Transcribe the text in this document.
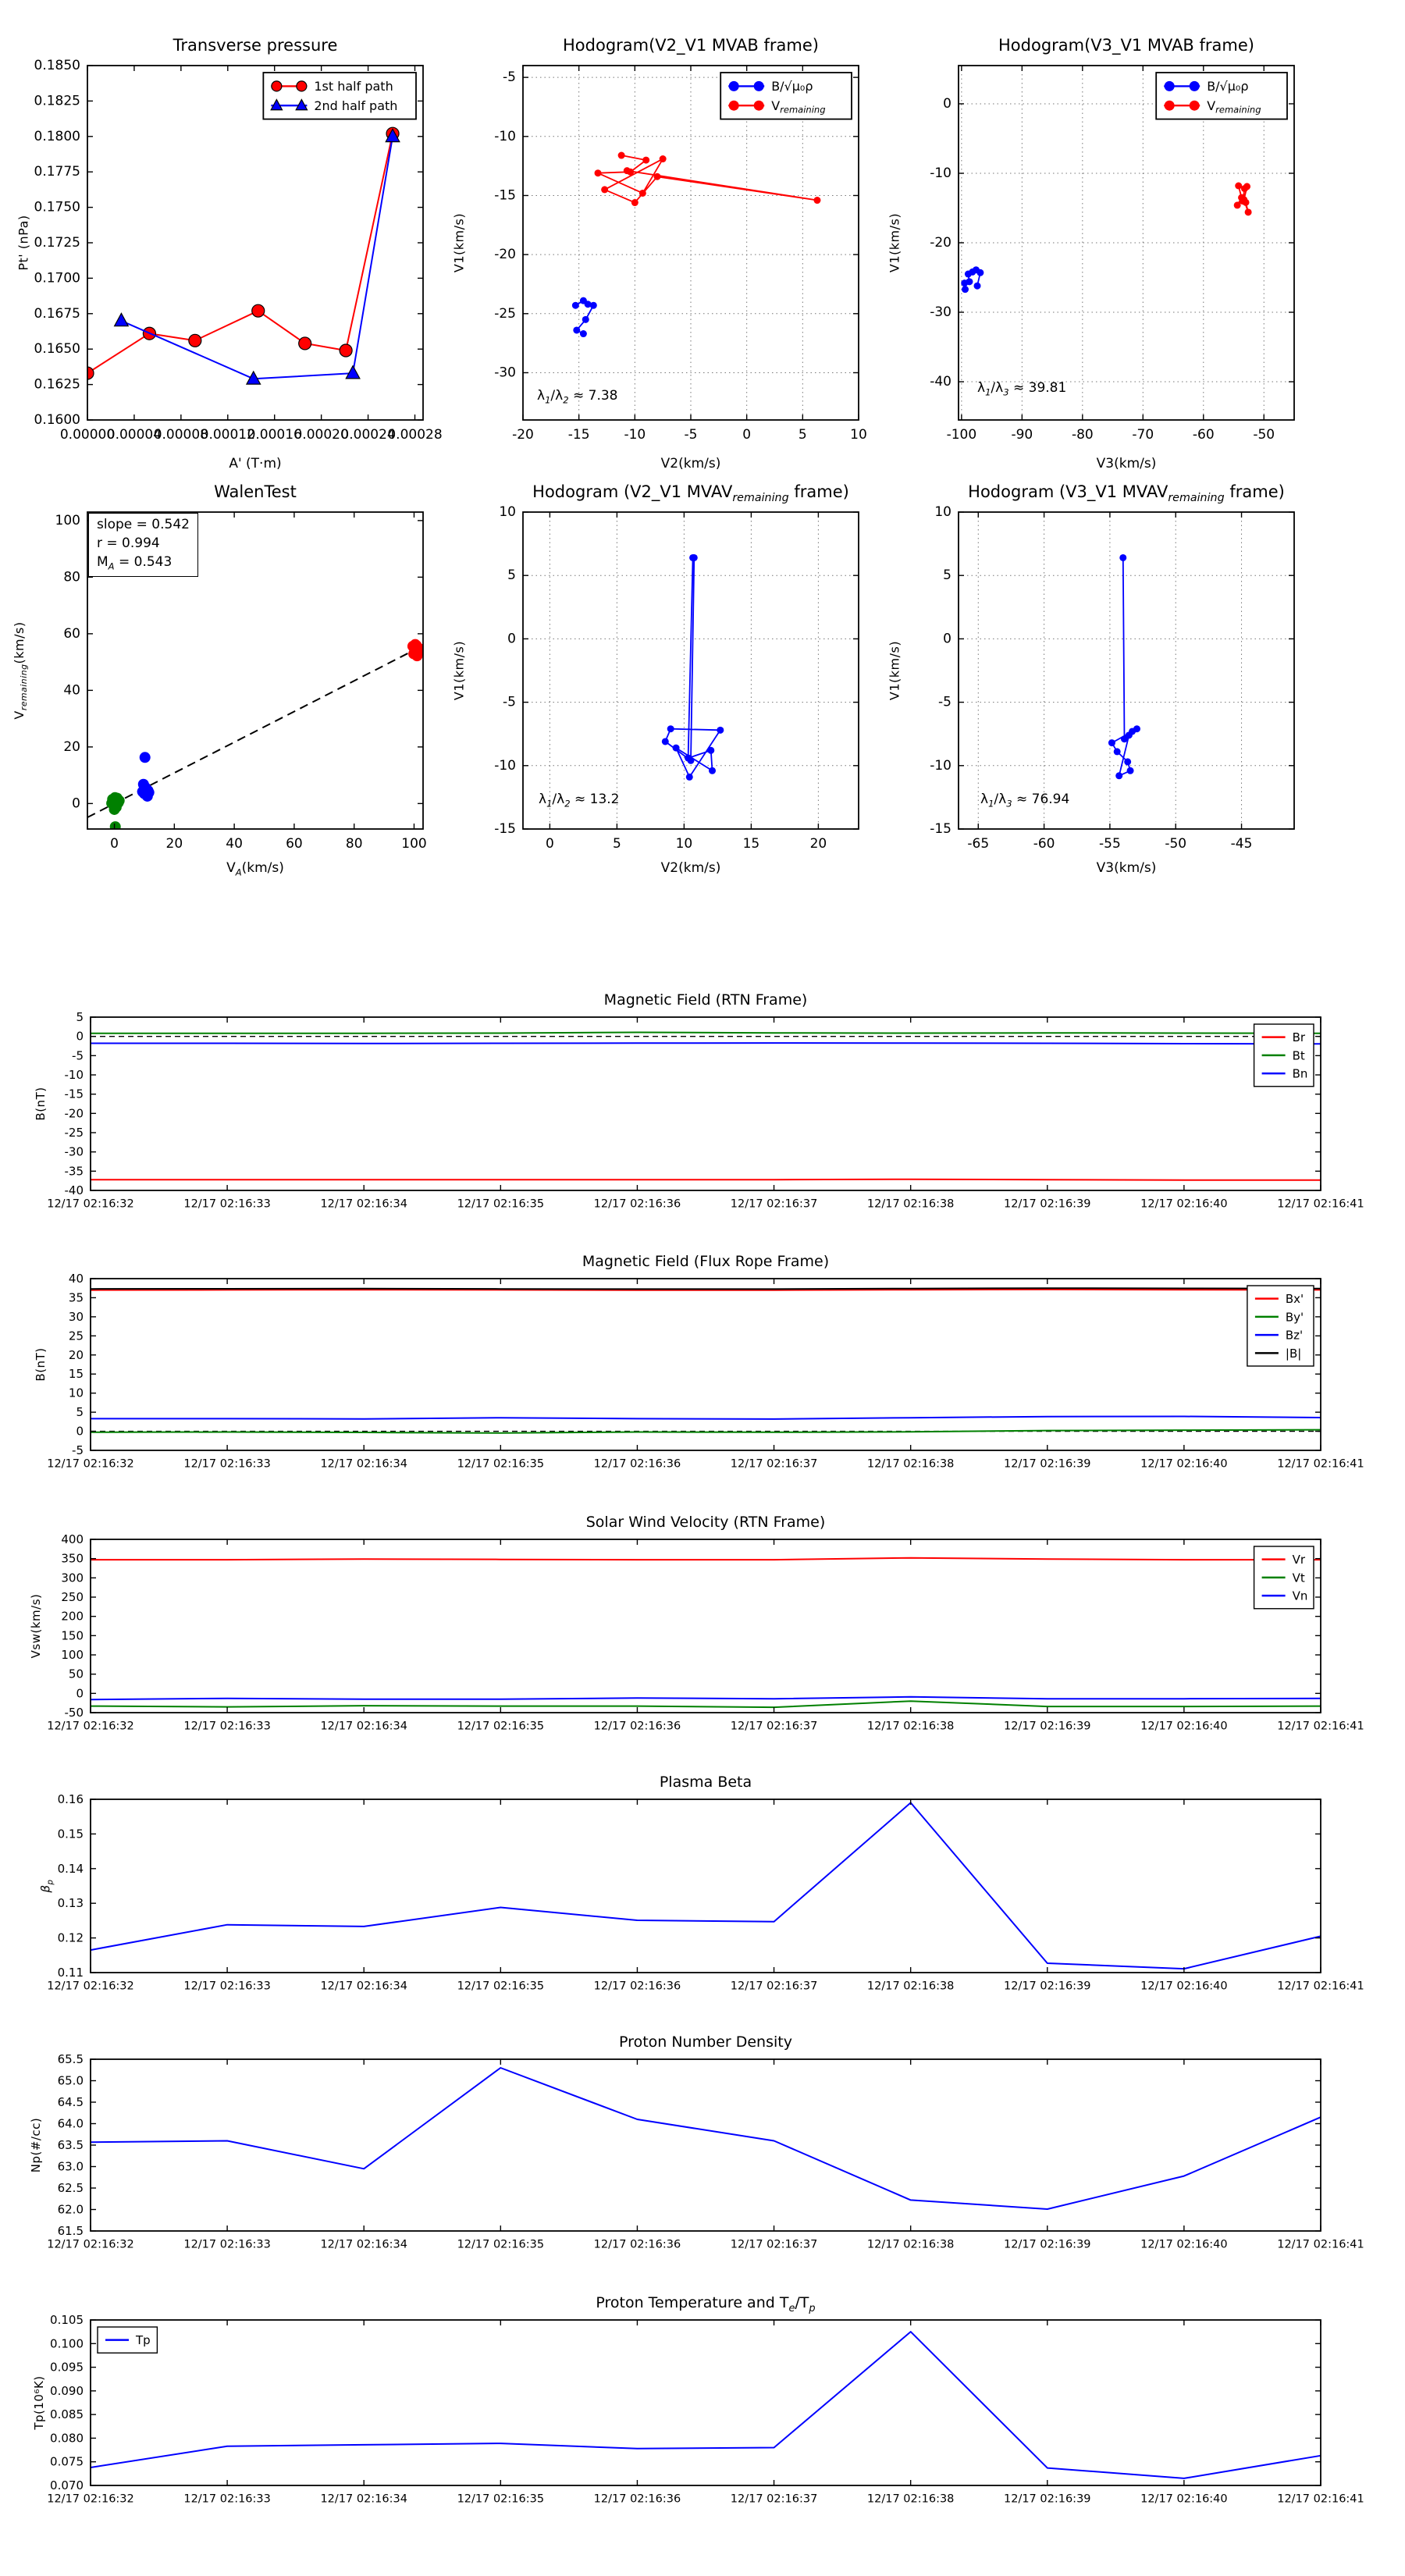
0.00000
0.00004
0.00008
0.00012
0.00016
0.00020
0.00024
0.00028
0.1600
0.1625
0.1650
0.1675
0.1700
0.1725
0.1750
0.1775
0.1800
0.1825
0.1850
1st half path
2nd half path
-20	-15	-10	-5	0	5	10
-5
-10
-15
-20
-25
-30
B/√μ₀ρ
$V_{remaining}$
-100	-90	-80	-70	-60	-50
0
-10
-20
-30
-40
B/√μ₀ρ
$V_{remaining}$
0	20	40	60	80	100
0
20
40
60
80
100
0	5	10	15	20
10
5
0
-5
-10
-15
-65	-60	-55	-50	-45
10
5
0
-5
-10
-15
12/17 02:16:32	12/17 02:16:33	12/17 02:16:34	12/17 02:16:35	12/17 02:16:36	12/17 02:16:37	12/17 02:16:38	12/17 02:16:39	12/17 02:16:40	12/17 02:16:41
5
0
-5
-10
-15
-20
-25
-30
-35
-40
Br
Bt
Bn
12/17 02:16:32	12/17 02:16:33	12/17 02:16:34	12/17 02:16:35	12/17 02:16:36	12/17 02:16:37	12/17 02:16:38	12/17 02:16:39	12/17 02:16:40	12/17 02:16:41
40
35
30
25
20
15
10
5
0
-5
Bx'
By'
Bz'
|B|
12/17 02:16:32	12/17 02:16:33	12/17 02:16:34	12/17 02:16:35	12/17 02:16:36	12/17 02:16:37	12/17 02:16:38	12/17 02:16:39	12/17 02:16:40	12/17 02:16:41
400
350
300
250
200
150
100
50
0
-50
Vr
Vt
Vn
12/17 02:16:32	12/17 02:16:33	12/17 02:16:34	12/17 02:16:35	12/17 02:16:36	12/17 02:16:37	12/17 02:16:38	12/17 02:16:39	12/17 02:16:40	12/17 02:16:41
0.16
0.15
0.14
0.13
0.12
0.11
12/17 02:16:32	12/17 02:16:33	12/17 02:16:34	12/17 02:16:35	12/17 02:16:36	12/17 02:16:37	12/17 02:16:38	12/17 02:16:39	12/17 02:16:40	12/17 02:16:41
65.5
65.0
64.5
64.0
63.5
63.0
62.5
62.0
61.5
12/17 02:16:32	12/17 02:16:33	12/17 02:16:34	12/17 02:16:35	12/17 02:16:36	12/17 02:16:37	12/17 02:16:38	12/17 02:16:39	12/17 02:16:40	12/17 02:16:41
0.105
0.100
0.095
0.090
0.085
0.080
0.075
0.070
Tp
Transverse pressure	Hodogram(V2_V1 MVAB frame)	Hodogram(V3_V1 MVAB frame)
WalenTest	Hodogram (V2_V1 $MVAV_{remaining}$ frame)	Hodogram (V3_V1 $MVAV_{remaining}$ frame)
Magnetic Field (RTN Frame)
Magnetic Field (Flux Rope Frame)
Solar Wind Velocity (RTN Frame)
Plasma Beta
Proton Number Density
Proton Temperature and $T_e/T_p$
A' (T·m)	V2(km/s)	V3(km/s)
$V_A(km/s)$	V2(km/s)	V3(km/s)
Pt' (nPa)	V1(km/s)	V1(km/s)
$V_{remaining}(km/s)$	V1(km/s)	V1(km/s)
B(nT)
B(nT)
Vsw(km/s)
$\beta_p$
Np(#/cc)
Tp(10⁶K)
$\lambda_1/\lambda_2 \approx 7.38$	$\lambda_1/\lambda_3 \approx 39.81$
$\lambda_1/\lambda_2 \approx 13.2$	$\lambda_1/\lambda_3 \approx 76.94$
slope = 0.542
r = 0.994
$M_A = 0.543$
